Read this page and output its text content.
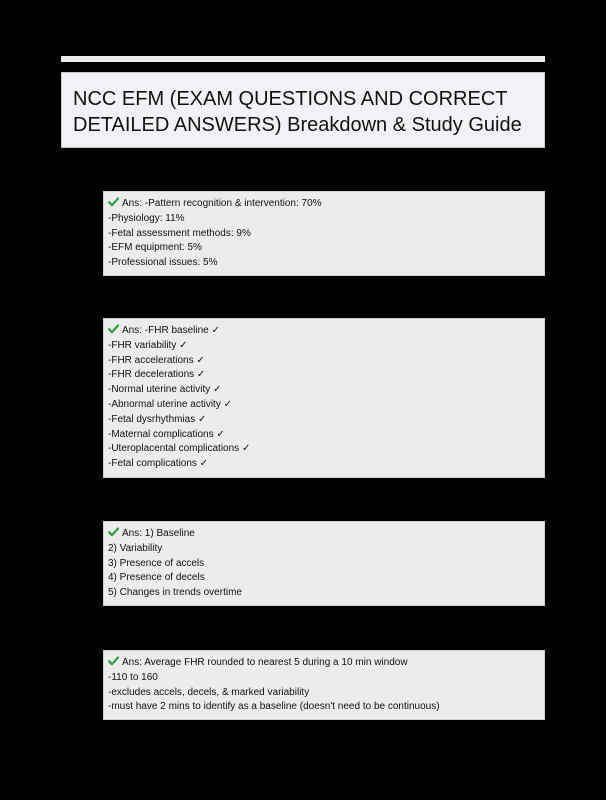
NCC EFM (EXAM QUESTIONS AND CORRECT
DETAILED ANSWERS) Breakdown & Study Guide
Ans: -Pattern recognition & intervention: 70%
-Physiology: 11%
-Fetal assessment methods: 9%
-EFM equipment: 5%
-Professional issues: 5%
Ans: -FHR baseline ✓
-FHR variability ✓
-FHR accelerations ✓
-FHR decelerations ✓
-Normal uterine activity ✓
-Abnormal uterine activity ✓
-Fetal dysrhythmias ✓
-Maternal complications ✓
-Uteroplacental complications ✓
-Fetal complications ✓
Ans: 1) Baseline
2) Variability
3) Presence of accels
4) Presence of decels
5) Changes in trends overtime
Ans: Average FHR rounded to nearest 5 during a 10 min window
-110 to 160
-excludes accels, decels, & marked variability
-must have 2 mins to identify as a baseline (doesn't need to be continuous)
